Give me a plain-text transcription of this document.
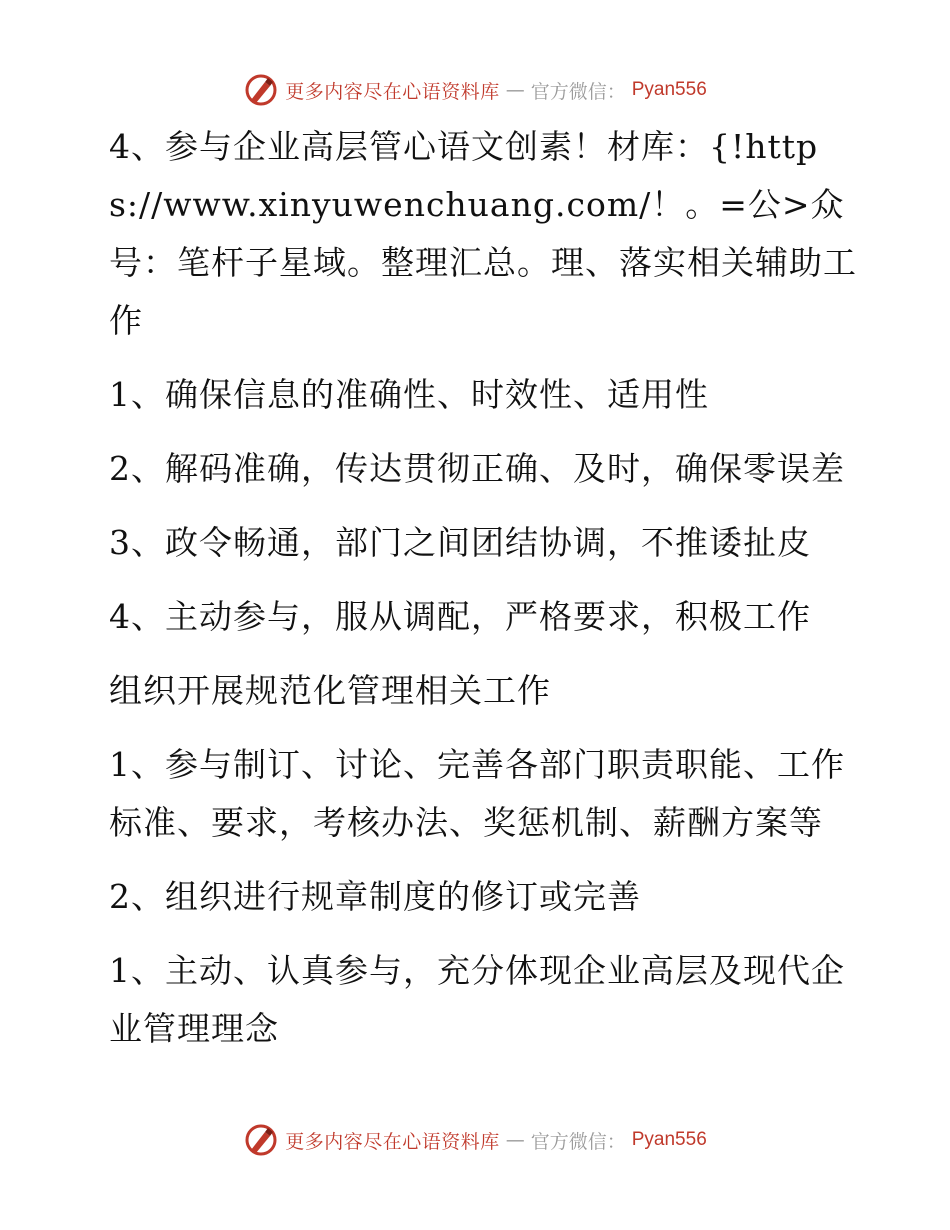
更多内容尽在心语资料库 — 官方微信： Pyan556

4、参与企业高层管心语文创素！材库：{!https://www.xinyuwenchuang.com/！。=公>众号：笔杆子星域。整理汇总。理、落实相关辅助工作

1、确保信息的准确性、时效性、适用性

2、解码准确，传达贯彻正确、及时，确保零误差

3、政令畅通，部门之间团结协调，不推诿扯皮

4、主动参与，服从调配，严格要求，积极工作

组织开展规范化管理相关工作

1、参与制订、讨论、完善各部门职责职能、工作标准、要求，考核办法、奖惩机制、薪酬方案等

2、组织进行规章制度的修订或完善

1、主动、认真参与，充分体现企业高层及现代企业管理理念

更多内容尽在心语资料库 — 官方微信： Pyan556
